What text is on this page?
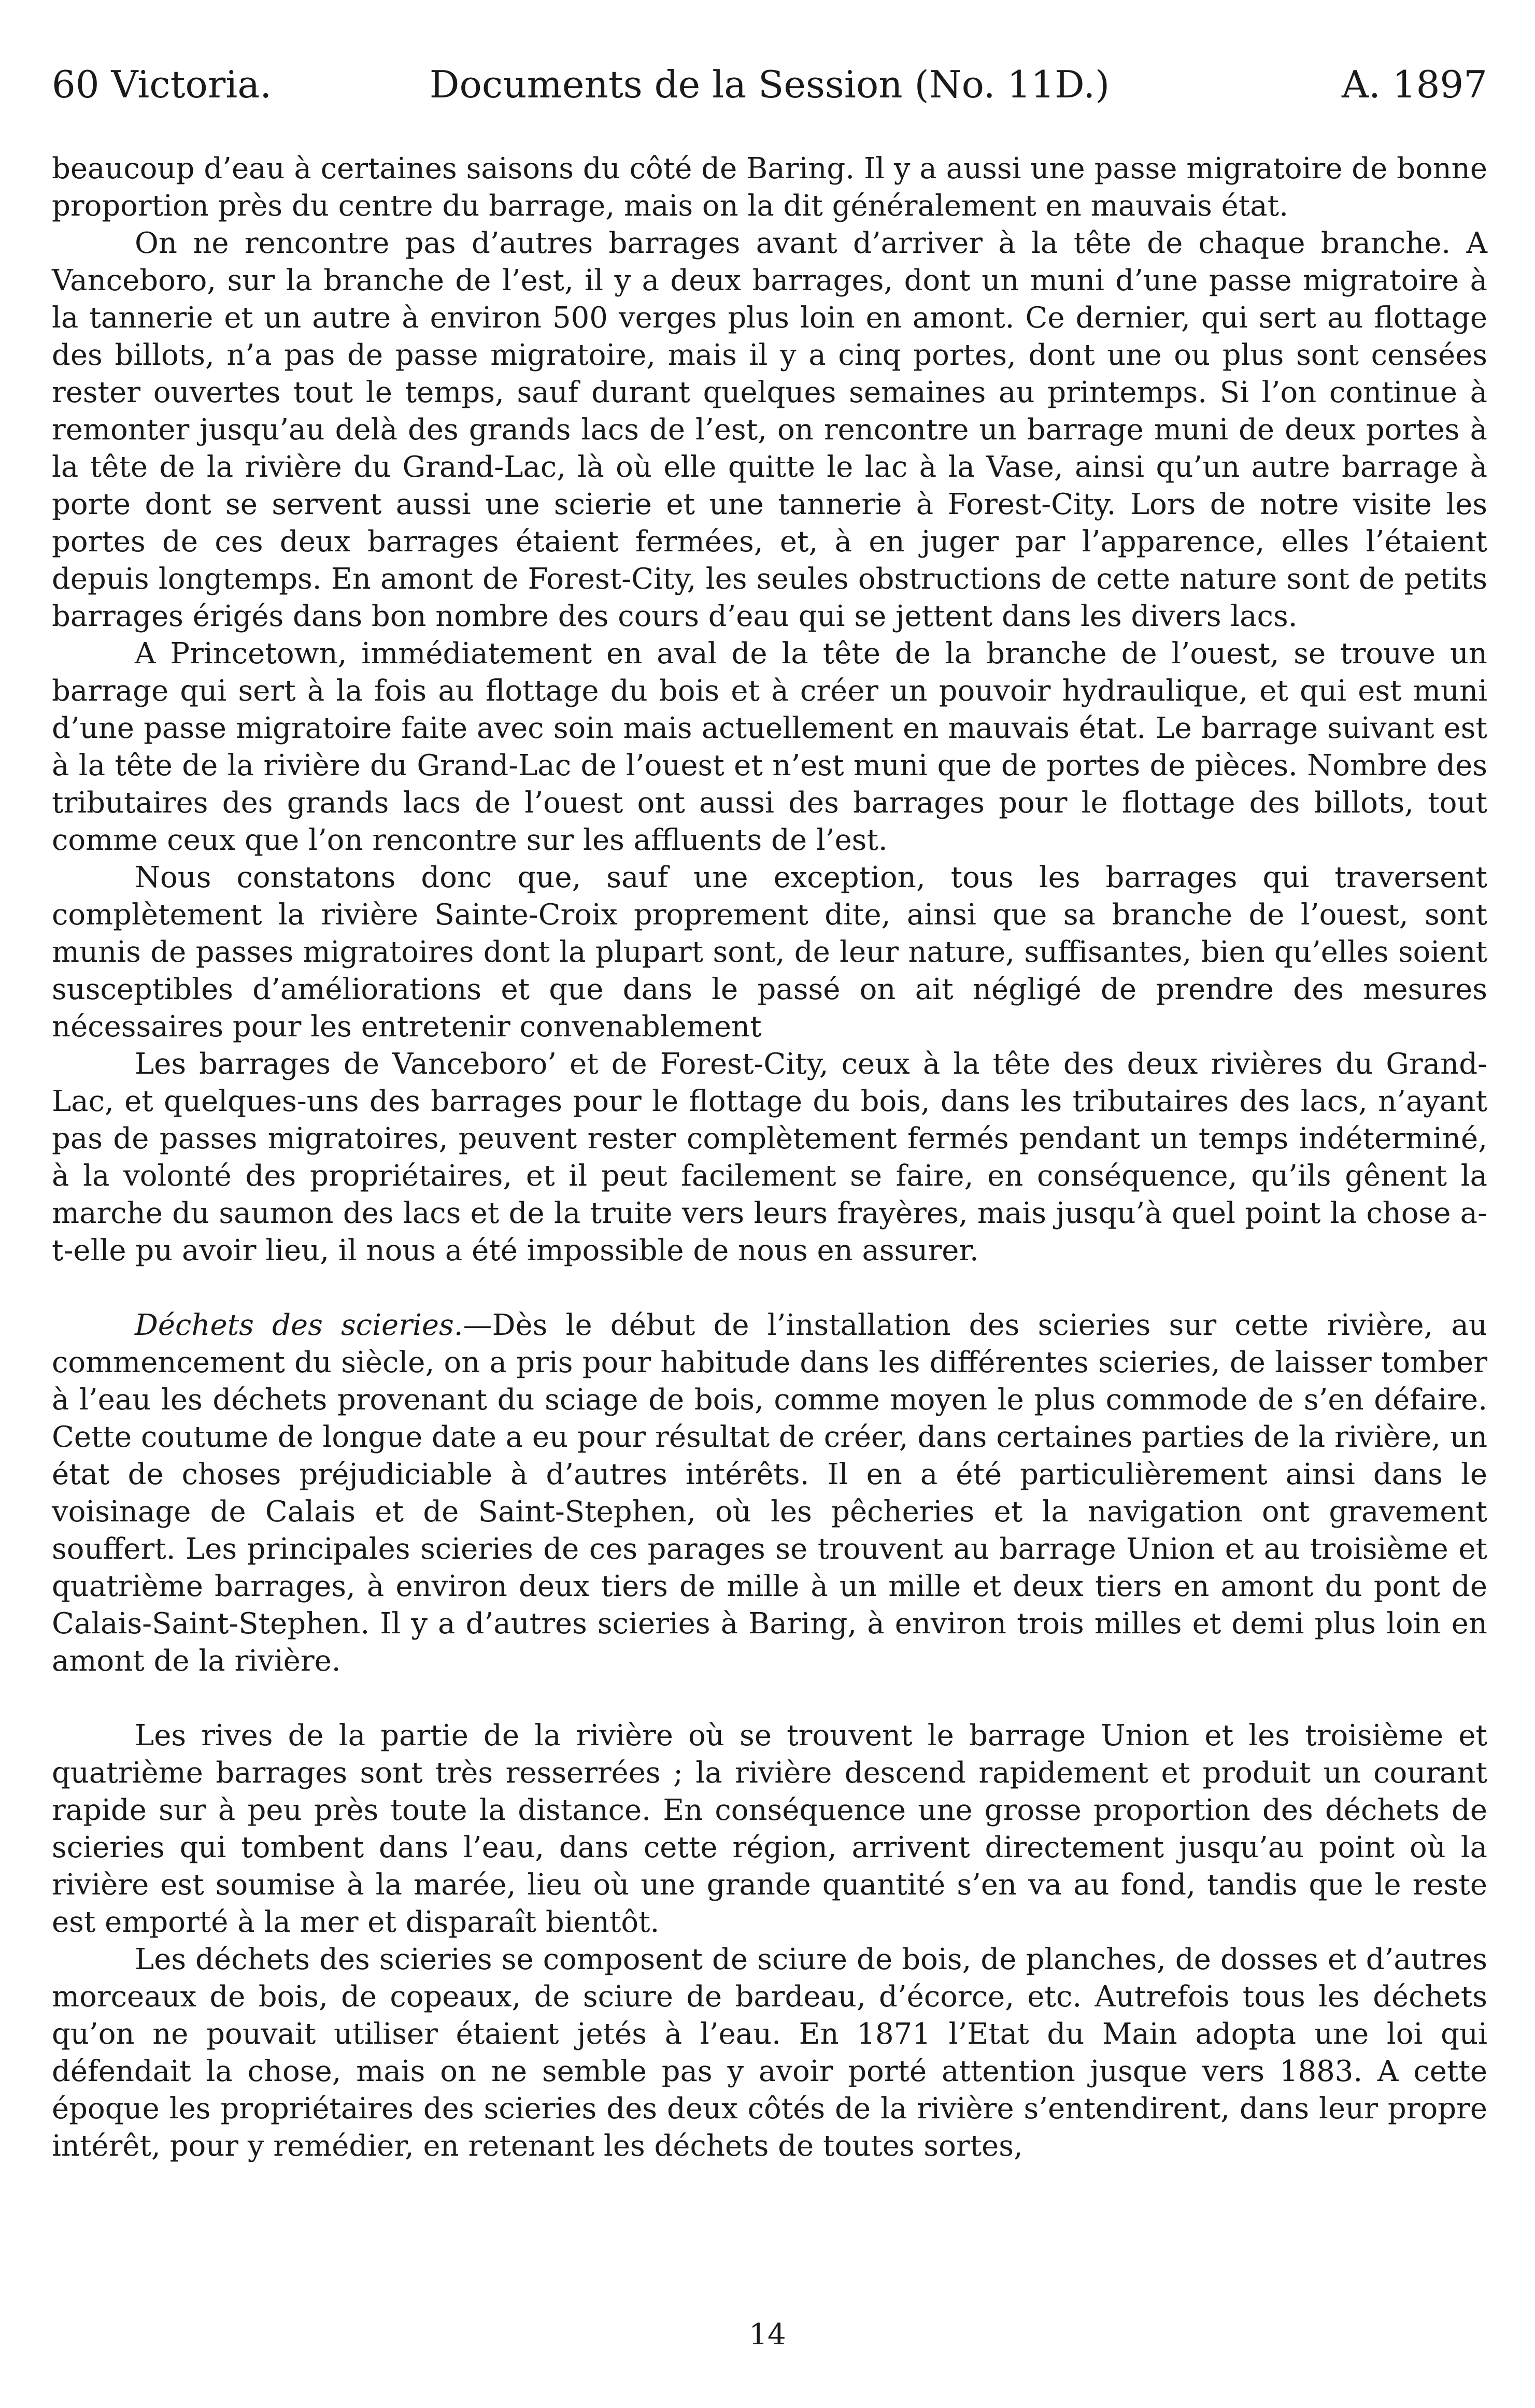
60 Victoria.	Documents de la Session (No. 11D.)	A. 1897

beaucoup d’eau à certaines saisons du côté de Baring. Il y a aussi une passe migratoire de bonne proportion près du centre du barrage, mais on la dit généralement en mauvais état.

On ne rencontre pas d’autres barrages avant d’arriver à la tête de chaque branche. A Vanceboro, sur la branche de l’est, il y a deux barrages, dont un muni d’une passe migratoire à la tannerie et un autre à environ 500 verges plus loin en amont. Ce dernier, qui sert au flottage des billots, n’a pas de passe migratoire, mais il y a cinq portes, dont une ou plus sont censées rester ouvertes tout le temps, sauf durant quelques semaines au printemps. Si l’on continue à remonter jusqu’au delà des grands lacs de l’est, on rencontre un barrage muni de deux portes à la tête de la rivière du Grand-Lac, là où elle quitte le lac à la Vase, ainsi qu’un autre barrage à porte dont se servent aussi une scierie et une tannerie à Forest-City. Lors de notre visite les portes de ces deux barrages étaient fermées, et, à en juger par l’apparence, elles l’étaient depuis longtemps. En amont de Forest-City, les seules obstructions de cette nature sont de petits barrages érigés dans bon nombre des cours d’eau qui se jettent dans les divers lacs.

A Princetown, immédiatement en aval de la tête de la branche de l’ouest, se trouve un barrage qui sert à la fois au flottage du bois et à créer un pouvoir hydraulique, et qui est muni d’une passe migratoire faite avec soin mais actuellement en mauvais état. Le barrage suivant est à la tête de la rivière du Grand-Lac de l’ouest et n’est muni que de portes de pièces. Nombre des tributaires des grands lacs de l’ouest ont aussi des barrages pour le flottage des billots, tout comme ceux que l’on rencontre sur les affluents de l’est.

Nous constatons donc que, sauf une exception, tous les barrages qui traversent complètement la rivière Sainte-Croix proprement dite, ainsi que sa branche de l’ouest, sont munis de passes migratoires dont la plupart sont, de leur nature, suffisantes, bien qu’elles soient susceptibles d’améliorations et que dans le passé on ait négligé de prendre des mesures nécessaires pour les entretenir convenablement

Les barrages de Vanceboro’ et de Forest-City, ceux à la tête des deux rivières du Grand-Lac, et quelques-uns des barrages pour le flottage du bois, dans les tributaires des lacs, n’ayant pas de passes migratoires, peuvent rester complètement fermés pendant un temps indéterminé, à la volonté des propriétaires, et il peut facilement se faire, en conséquence, qu’ils gênent la marche du saumon des lacs et de la truite vers leurs frayères, mais jusqu’à quel point la chose a-t-elle pu avoir lieu, il nous a été impossible de nous en assurer.

Déchets des scieries.—Dès le début de l’installation des scieries sur cette rivière, au commencement du siècle, on a pris pour habitude dans les différentes scieries, de laisser tomber à l’eau les déchets provenant du sciage de bois, comme moyen le plus commode de s’en défaire. Cette coutume de longue date a eu pour résultat de créer, dans certaines parties de la rivière, un état de choses préjudiciable à d’autres intérêts. Il en a été particulièrement ainsi dans le voisinage de Calais et de Saint-Stephen, où les pêcheries et la navigation ont gravement souffert. Les principales scieries de ces parages se trouvent au barrage Union et au troisième et quatrième barrages, à environ deux tiers de mille à un mille et deux tiers en amont du pont de Calais-Saint-Stephen. Il y a d’autres scieries à Baring, à environ trois milles et demi plus loin en amont de la rivière.

Les rives de la partie de la rivière où se trouvent le barrage Union et les troisième et quatrième barrages sont très resserrées ; la rivière descend rapidement et produit un courant rapide sur à peu près toute la distance. En conséquence une grosse proportion des déchets de scieries qui tombent dans l’eau, dans cette région, arrivent directement jusqu’au point où la rivière est soumise à la marée, lieu où une grande quantité s’en va au fond, tandis que le reste est emporté à la mer et disparaît bientôt.

Les déchets des scieries se composent de sciure de bois, de planches, de dosses et d’autres morceaux de bois, de copeaux, de sciure de bardeau, d’écorce, etc. Autrefois tous les déchets qu’on ne pouvait utiliser étaient jetés à l’eau. En 1871 l’Etat du Main adopta une loi qui défendait la chose, mais on ne semble pas y avoir porté attention jusque vers 1883. A cette époque les propriétaires des scieries des deux côtés de la rivière s’entendirent, dans leur propre intérêt, pour y remédier, en retenant les déchets de toutes sortes,

14
